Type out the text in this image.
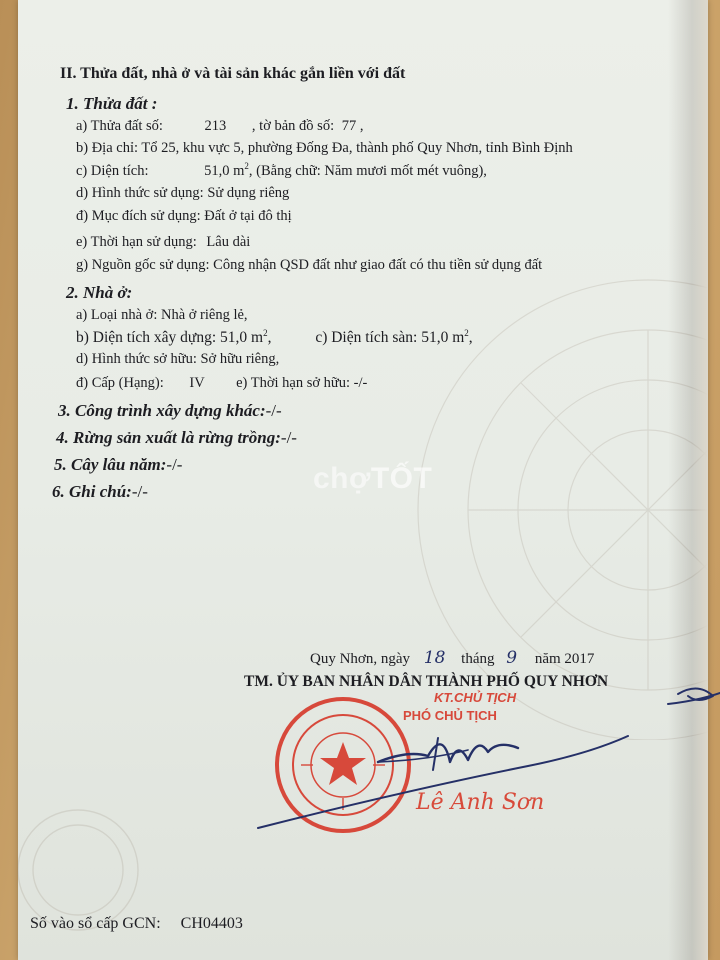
II. Thửa đất, nhà ở và tài sản khác gắn liền với đất
1. Thửa đất :
a) Thửa đất số:	213 , tờ bản đồ số: 77 ,
b) Địa chỉ: Tổ 25, khu vực 5, phường Đống Đa, thành phố Quy Nhơn, tỉnh Bình Định
c) Diện tích:	51,0 $m^2$, (Bằng chữ: Năm mươi mốt mét vuông),
d) Hình thức sử dụng: Sử dụng riêng
đ) Mục đích sử dụng: Đất ở tại đô thị
e) Thời hạn sử dụng: Lâu dài
g) Nguồn gốc sử dụng: Công nhận QSD đất như giao đất có thu tiền sử dụng đất
2. Nhà ở:
a) Loại nhà ở: Nhà ở riêng lẻ,
b) Diện tích xây dựng: 51,0 $m^2$,	c) Diện tích sàn: 51,0 $m^2$,
d) Hình thức sở hữu: Sở hữu riêng,
đ) Cấp (Hạng): IV e) Thời hạn sở hữu: -/-
3. Công trình xây dựng khác:-/-
4. Rừng sản xuất là rừng trồng:-/-
5. Cây lâu năm:-/-
6. Ghi chú:-/-	chợTỐT
Quy Nhơn, ngày 18 tháng 9 năm 2017
TM. ỦY BAN NHÂN DÂN THÀNH PHỐ QUY NHƠN
KT.CHỦ TỊCH
PHÓ CHỦ TỊCH
Lê Anh Sơn
Số vào sổ cấp GCN: CH04403
